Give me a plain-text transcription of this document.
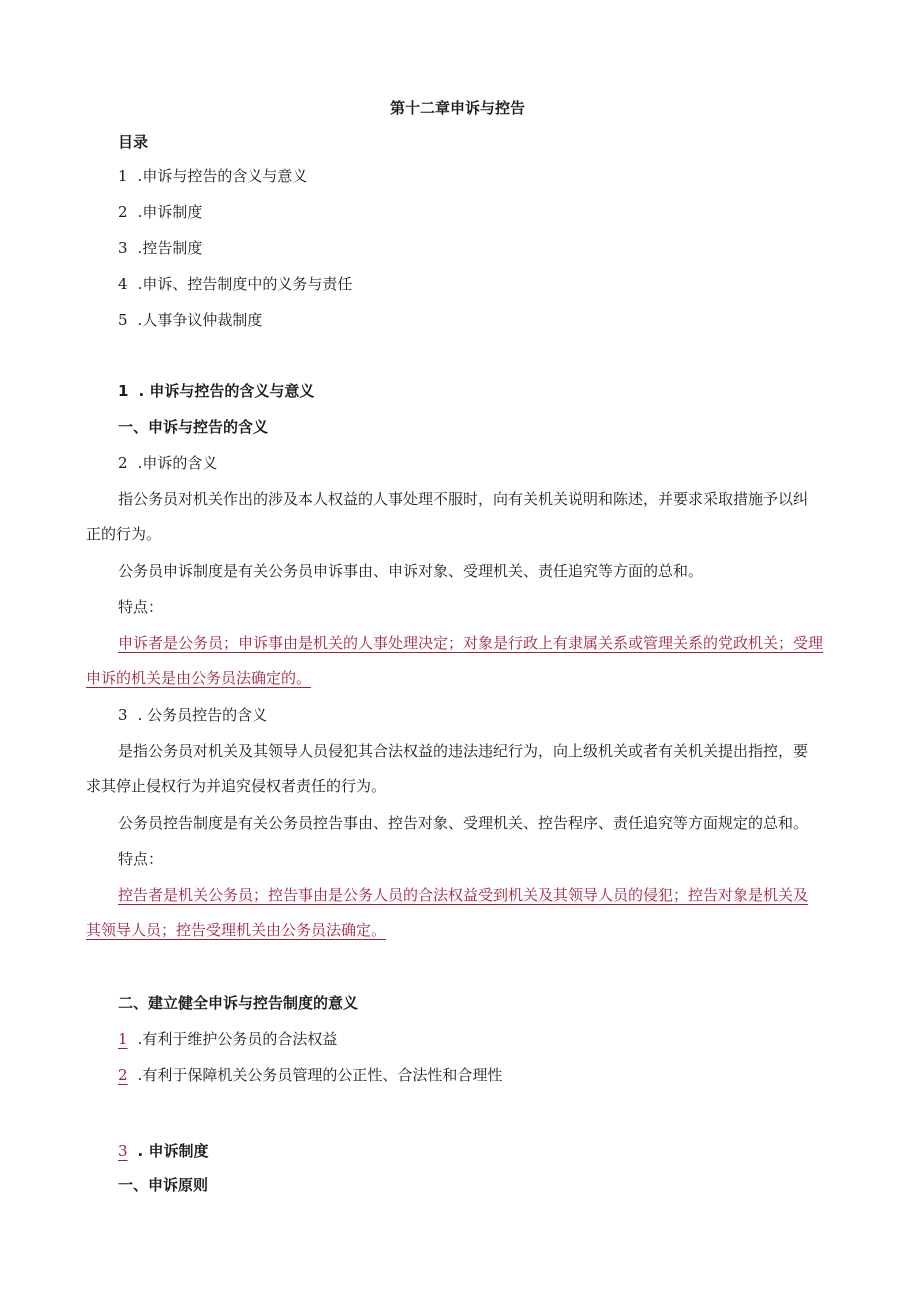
第十二章申诉与控告
目录
1 .申诉与控告的含义与意义
2 .申诉制度
3 .控告制度
4 .申诉、控告制度中的义务与责任
5 .人事争议仲裁制度
1 . 申诉与控告的含义与意义
一、申诉与控告的含义
2 .申诉的含义
指公务员对机关作出的涉及本人权益的人事处理不服时，向有关机关说明和陈述，并要求采取措施予以纠
正的行为。
公务员申诉制度是有关公务员申诉事由、申诉对象、受理机关、责任追究等方面的总和。
特点：
申诉者是公务员；申诉事由是机关的人事处理决定；对象是行政上有隶属关系或管理关系的党政机关；受理
申诉的机关是由公务员法确定的。
3 . 公务员控告的含义
是指公务员对机关及其领导人员侵犯其合法权益的违法违纪行为，向上级机关或者有关机关提出指控，要
求其停止侵权行为并追究侵权者责任的行为。
公务员控告制度是有关公务员控告事由、控告对象、受理机关、控告程序、责任追究等方面规定的总和。
特点：
控告者是机关公务员；控告事由是公务人员的合法权益受到机关及其领导人员的侵犯；控告对象是机关及
其领导人员；控告受理机关由公务员法确定。
二、建立健全申诉与控告制度的意义
1 .有利于维护公务员的合法权益
2 .有利于保障机关公务员管理的公正性、合法性和合理性
3 . 申诉制度
一、申诉原则
